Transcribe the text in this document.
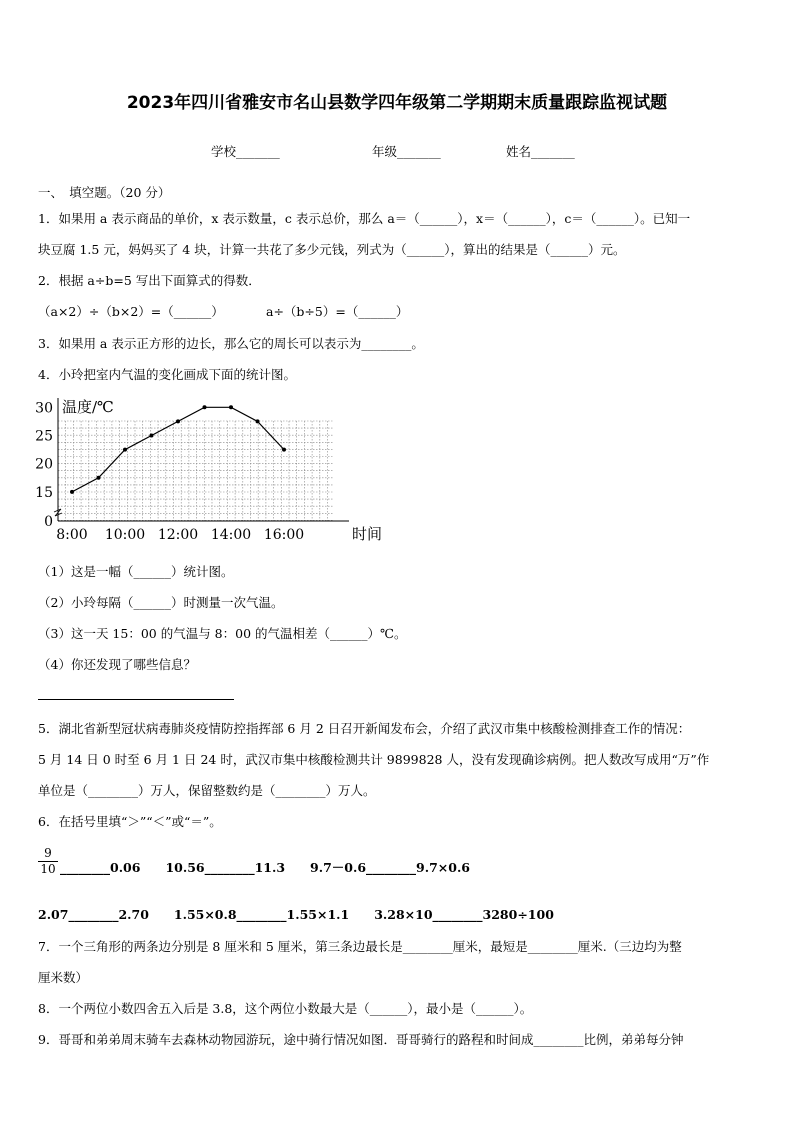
2023年四川省雅安市名山县数学四年级第二学期期末质量跟踪监视试题
学校_______	年级_______	姓名_______
一、　填空题。（20 分）
1．如果用 a 表示商品的单价，x 表示数量，c 表示总价，那么 a＝（______），x＝（______），c＝（______）。已知一
块豆腐 1.5 元，妈妈买了 4 块，计算一共花了多少元钱，列式为（______），算出的结果是（______）元。
2．根据 a÷b=5 写出下面算式的得数．
（a×2）÷（b×2）=（______）	a÷（b÷5）=（______）
3．如果用 a 表示正方形的边长，那么它的周长可以表示为________。
4．小玲把室内气温的变化画成下面的统计图。
温度/℃
时间
0
15
20
25
30
8:00 10:00 12:00 14:00 16:00
（1）这是一幅（______）统计图。
（2）小玲每隔（______）时测量一次气温。
（3）这一天 15：00 的气温与 8：00 的气温相差（______）℃。
（4）你还发现了哪些信息？
5．湖北省新型冠状病毒肺炎疫情防控指挥部 6 月 2 日召开新闻发布会，介绍了武汉市集中核酸检测排查工作的情况：
5 月 14 日 0 时至 6 月 1 日 24 时，武汉市集中核酸检测共计 9899828 人，没有发现确诊病例。把人数改写成用“万”作
单位是（________）万人，保留整数约是（________）万人。
6．在括号里填“＞”“＜”或“＝”。
$\frac{9}{10}$ ________0.06　　10.56________11.3　　9.7－0.6________9.7×0.6
2.07________2.70　　1.55×0.8________1.55×1.1　　3.28×10________3280÷100
7．一个三角形的两条边分别是 8 厘米和 5 厘米，第三条边最长是________厘米，最短是________厘米.（三边均为整
厘米数）
8．一个两位小数四舍五入后是 3.8，这个两位小数最大是（______），最小是（______）。
9．哥哥和弟弟周末骑车去森林动物园游玩，途中骑行情况如图．哥哥骑行的路程和时间成________比例，弟弟每分钟
